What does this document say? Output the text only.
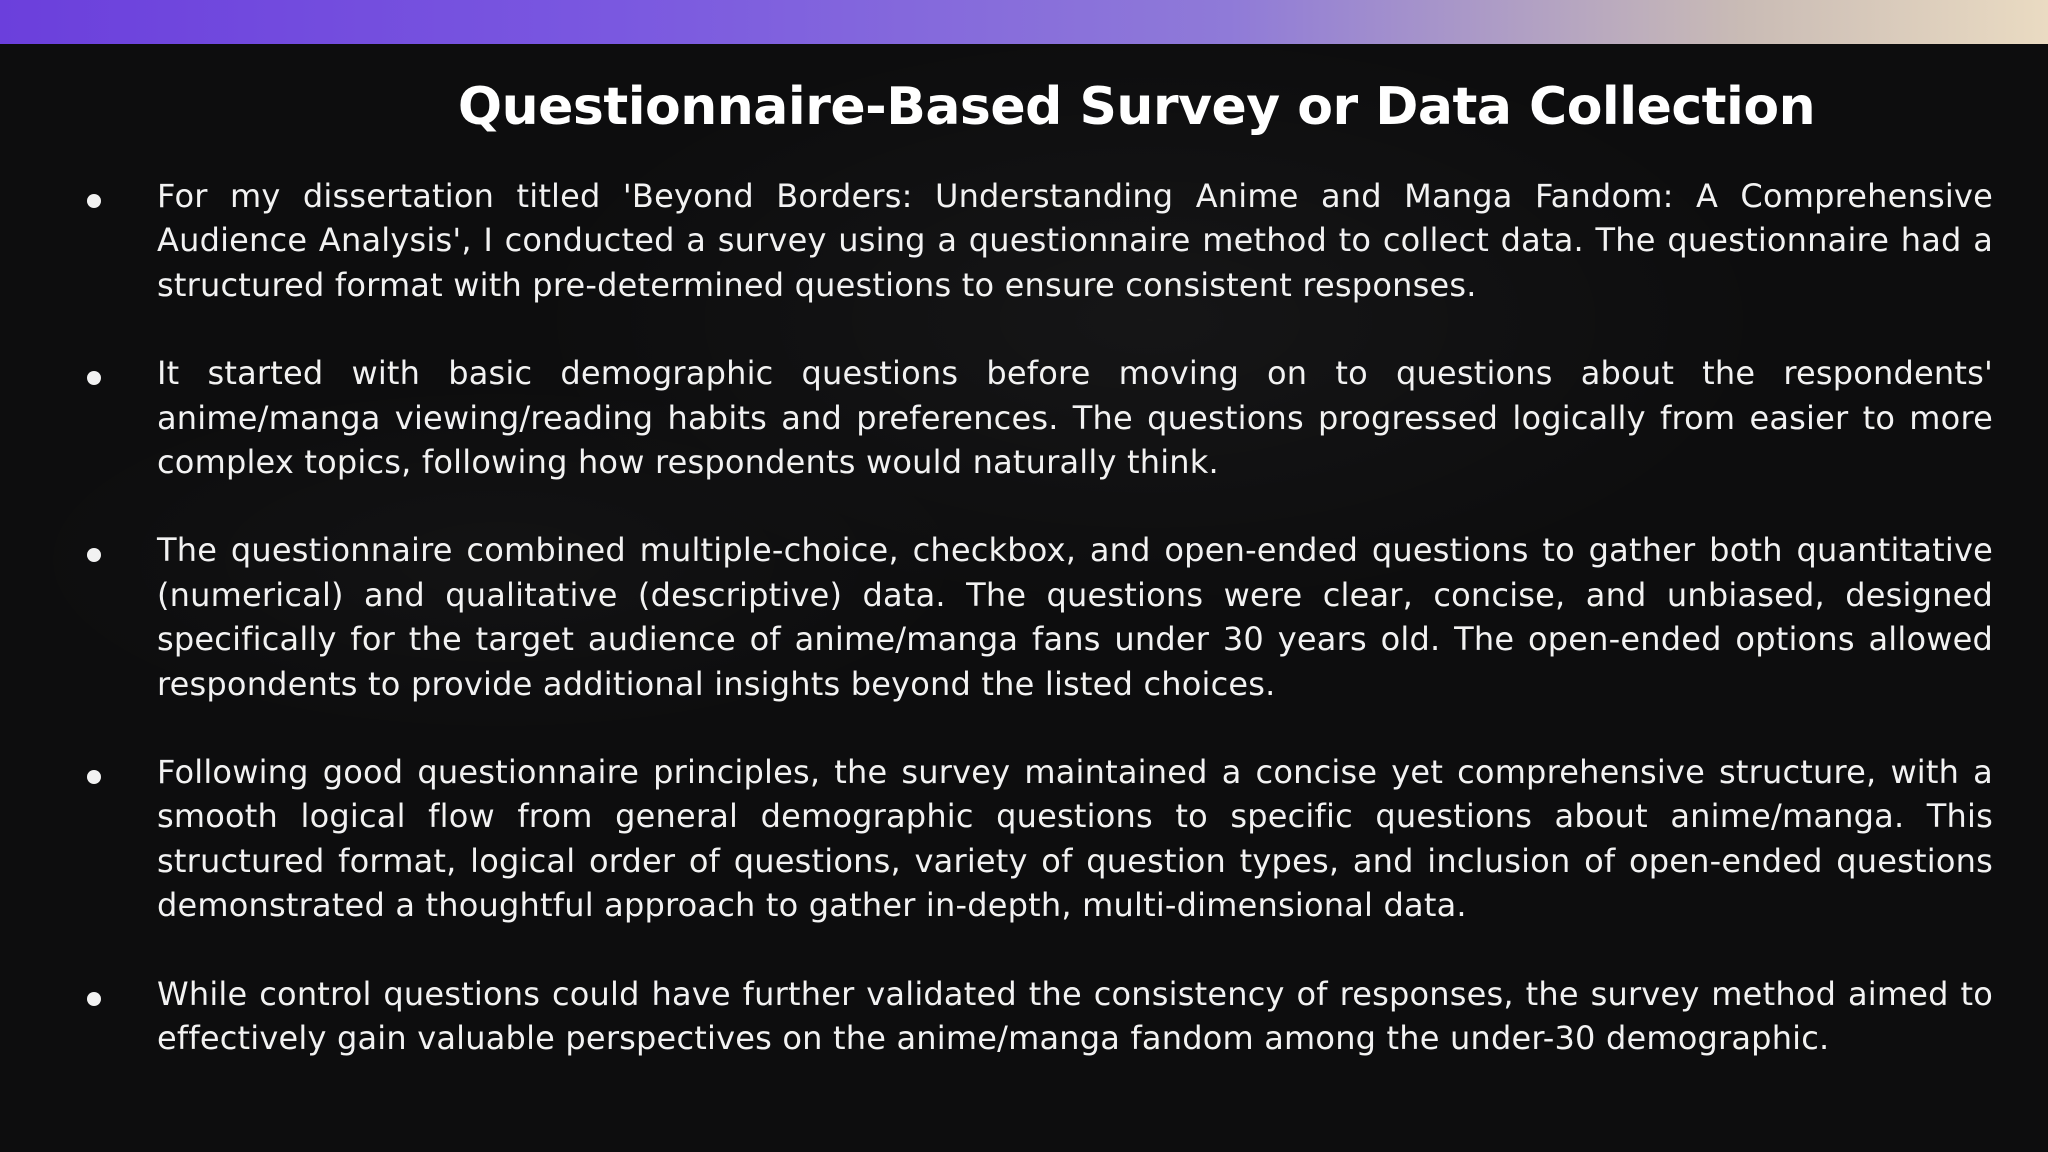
Questionnaire-Based Survey or Data Collection
For my dissertation titled 'Beyond Borders: Understanding Anime and Manga Fandom: A Comprehensive Audience Analysis', I conducted a survey using a questionnaire method to collect data. The questionnaire had a structured format with pre-determined questions to ensure consistent responses.
It started with basic demographic questions before moving on to questions about the respondents' anime/manga viewing/reading habits and preferences. The questions progressed logically from easier to more complex topics, following how respondents would naturally think.
The questionnaire combined multiple-choice, checkbox, and open-ended questions to gather both quantitative (numerical) and qualitative (descriptive) data. The questions were clear, concise, and unbiased, designed specifically for the target audience of anime/manga fans under 30 years old. The open-ended options allowed respondents to provide additional insights beyond the listed choices.
Following good questionnaire principles, the survey maintained a concise yet comprehensive structure, with a smooth logical flow from general demographic questions to specific questions about anime/manga. This structured format, logical order of questions, variety of question types, and inclusion of open-ended questions demonstrated a thoughtful approach to gather in-depth, multi-dimensional data.
While control questions could have further validated the consistency of responses, the survey method aimed to effectively gain valuable perspectives on the anime/manga fandom among the under-30 demographic.
